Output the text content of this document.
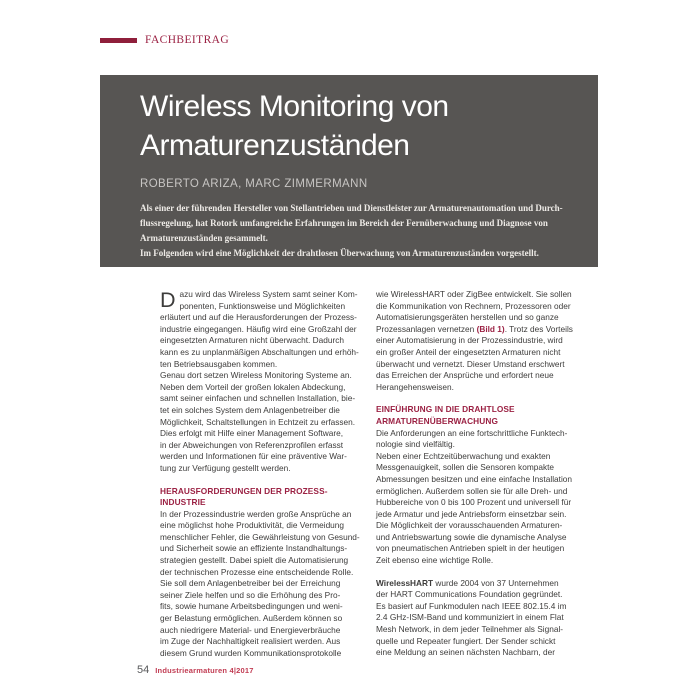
FACHBEITRAG
Wireless Monitoring von
Armaturenzuständen
ROBERTO ARIZA, MARC ZIMMERMANN
Als einer der führenden Hersteller von Stellantrieben und Dienstleister zur Armaturenautomation und Durch-
flussregelung, hat Rotork umfangreiche Erfahrungen im Bereich der Fernüberwachung und Diagnose von
Armaturenzuständen gesammelt.
Im Folgenden wird eine Möglichkeit der drahtlosen Überwachung von Armaturenzuständen vorgestellt.
Dazu wird das Wireless System samt seiner Kom-
ponenten, Funktionsweise und Möglichkeiten
erläutert und auf die Herausforderungen der Prozess-
industrie eingegangen. Häufig wird eine Großzahl der
eingesetzten Armaturen nicht überwacht. Dadurch
kann es zu unplanmäßigen Abschaltungen und erhöh-
ten Betriebsausgaben kommen.
Genau dort setzen Wireless Monitoring Systeme an.
Neben dem Vorteil der großen lokalen Abdeckung,
samt seiner einfachen und schnellen Installation, bie-
tet ein solches System dem Anlagenbetreiber die
Möglichkeit, Schaltstellungen in Echtzeit zu erfassen.
Dies erfolgt mit Hilfe einer Management Software,
in der Abweichungen von Referenzprofilen erfasst
werden und Informationen für eine präventive War-
tung zur Verfügung gestellt werden.
HERAUSFORDERUNGEN DER PROZESS-
INDUSTRIE
In der Prozessindustrie werden große Ansprüche an
eine möglichst hohe Produktivität, die Vermeidung
menschlicher Fehler, die Gewährleistung von Gesund-
und Sicherheit sowie an effiziente Instandhaltungs-
strategien gestellt. Dabei spielt die Automatisierung
der technischen Prozesse eine entscheidende Rolle.
Sie soll dem Anlagenbetreiber bei der Erreichung
seiner Ziele helfen und so die Erhöhung des Pro-
fits, sowie humane Arbeitsbedingungen und weni-
ger Belastung ermöglichen. Außerdem können so
auch niedrigere Material- und Energieverbräuche
im Zuge der Nachhaltigkeit realisiert werden. Aus
diesem Grund wurden Kommunikationsprotokolle
wie WirelessHART oder ZigBee entwickelt. Sie sollen
die Kommunikation von Rechnern, Prozessoren oder
Automatisierungsgeräten herstellen und so ganze
Prozessanlagen vernetzen (Bild 1). Trotz des Vorteils
einer Automatisierung in der Prozessindustrie, wird
ein großer Anteil der eingesetzten Armaturen nicht
überwacht und vernetzt. Dieser Umstand erschwert
das Erreichen der Ansprüche und erfordert neue
Herangehensweisen.
EINFÜHRUNG IN DIE DRAHTLOSE
ARMATURENÜBERWACHUNG
Die Anforderungen an eine fortschrittliche Funktech-
nologie sind vielfältig.
Neben einer Echtzeitüberwachung und exakten
Messgenauigkeit, sollen die Sensoren kompakte
Abmessungen besitzen und eine einfache Installation
ermöglichen. Außerdem sollen sie für alle Dreh- und
Hubbereiche von 0 bis 100 Prozent und universell für
jede Armatur und jede Antriebsform einsetzbar sein.
Die Möglichkeit der vorausschauenden Armaturen-
und Antriebswartung sowie die dynamische Analyse
von pneumatischen Antrieben spielt in der heutigen
Zeit ebenso eine wichtige Rolle.
WirelessHART wurde 2004 von 37 Unternehmen
der HART Communications Foundation gegründet.
Es basiert auf Funkmodulen nach IEEE 802.15.4 im
2.4 GHz-ISM-Band und kommuniziert in einem Flat
Mesh Network, in dem jeder Teilnehmer als Signal-
quelle und Repeater fungiert. Der Sender schickt
eine Meldung an seinen nächsten Nachbarn, der
54 Industriearmaturen 4|2017
